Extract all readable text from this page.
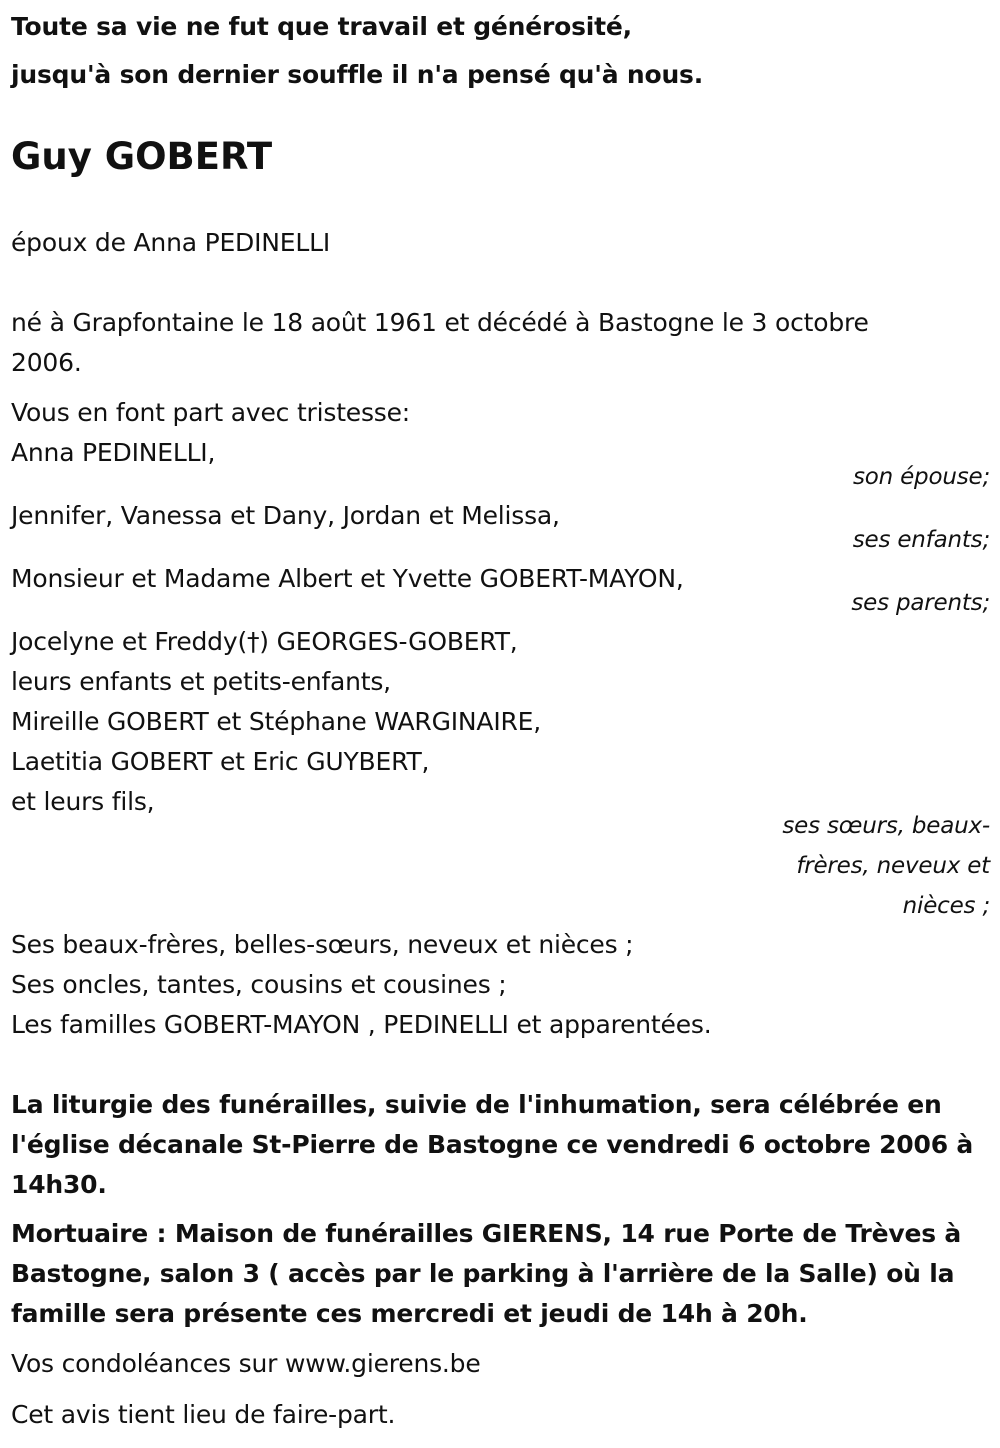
Toute sa vie ne fut que travail et générosité,

jusqu'à son dernier souffle il n'a pensé qu'à nous.

Guy GOBERT

époux de Anna PEDINELLI

né à Grapfontaine le 18 août 1961 et décédé à Bastogne le 3 octobre

2006.

Vous en font part avec tristesse:

Anna PEDINELLI,

son épouse;

Jennifer, Vanessa et Dany, Jordan et Melissa,

ses enfants;

Monsieur et Madame Albert et Yvette GOBERT-MAYON,

ses parents;

Jocelyne et Freddy(†) GEORGES-GOBERT,

leurs enfants et petits-enfants,

Mireille GOBERT et Stéphane WARGINAIRE,

Laetitia GOBERT et Eric GUYBERT,

et leurs fils,

ses sœurs, beaux-

frères, neveux et

nièces ;

Ses beaux-frères, belles-sœurs, neveux et nièces ;

Ses oncles, tantes, cousins et cousines ;

Les familles GOBERT-MAYON , PEDINELLI et apparentées.

La liturgie des funérailles, suivie de l'inhumation, sera célébrée en

l'église décanale St-Pierre de Bastogne ce vendredi 6 octobre 2006 à

14h30.

Mortuaire : Maison de funérailles GIERENS, 14 rue Porte de Trèves à

Bastogne, salon 3 ( accès par le parking à l'arrière de la Salle) où la

famille sera présente ces mercredi et jeudi de 14h à 20h.

Vos condoléances sur www.gierens.be

Cet avis tient lieu de faire-part.
